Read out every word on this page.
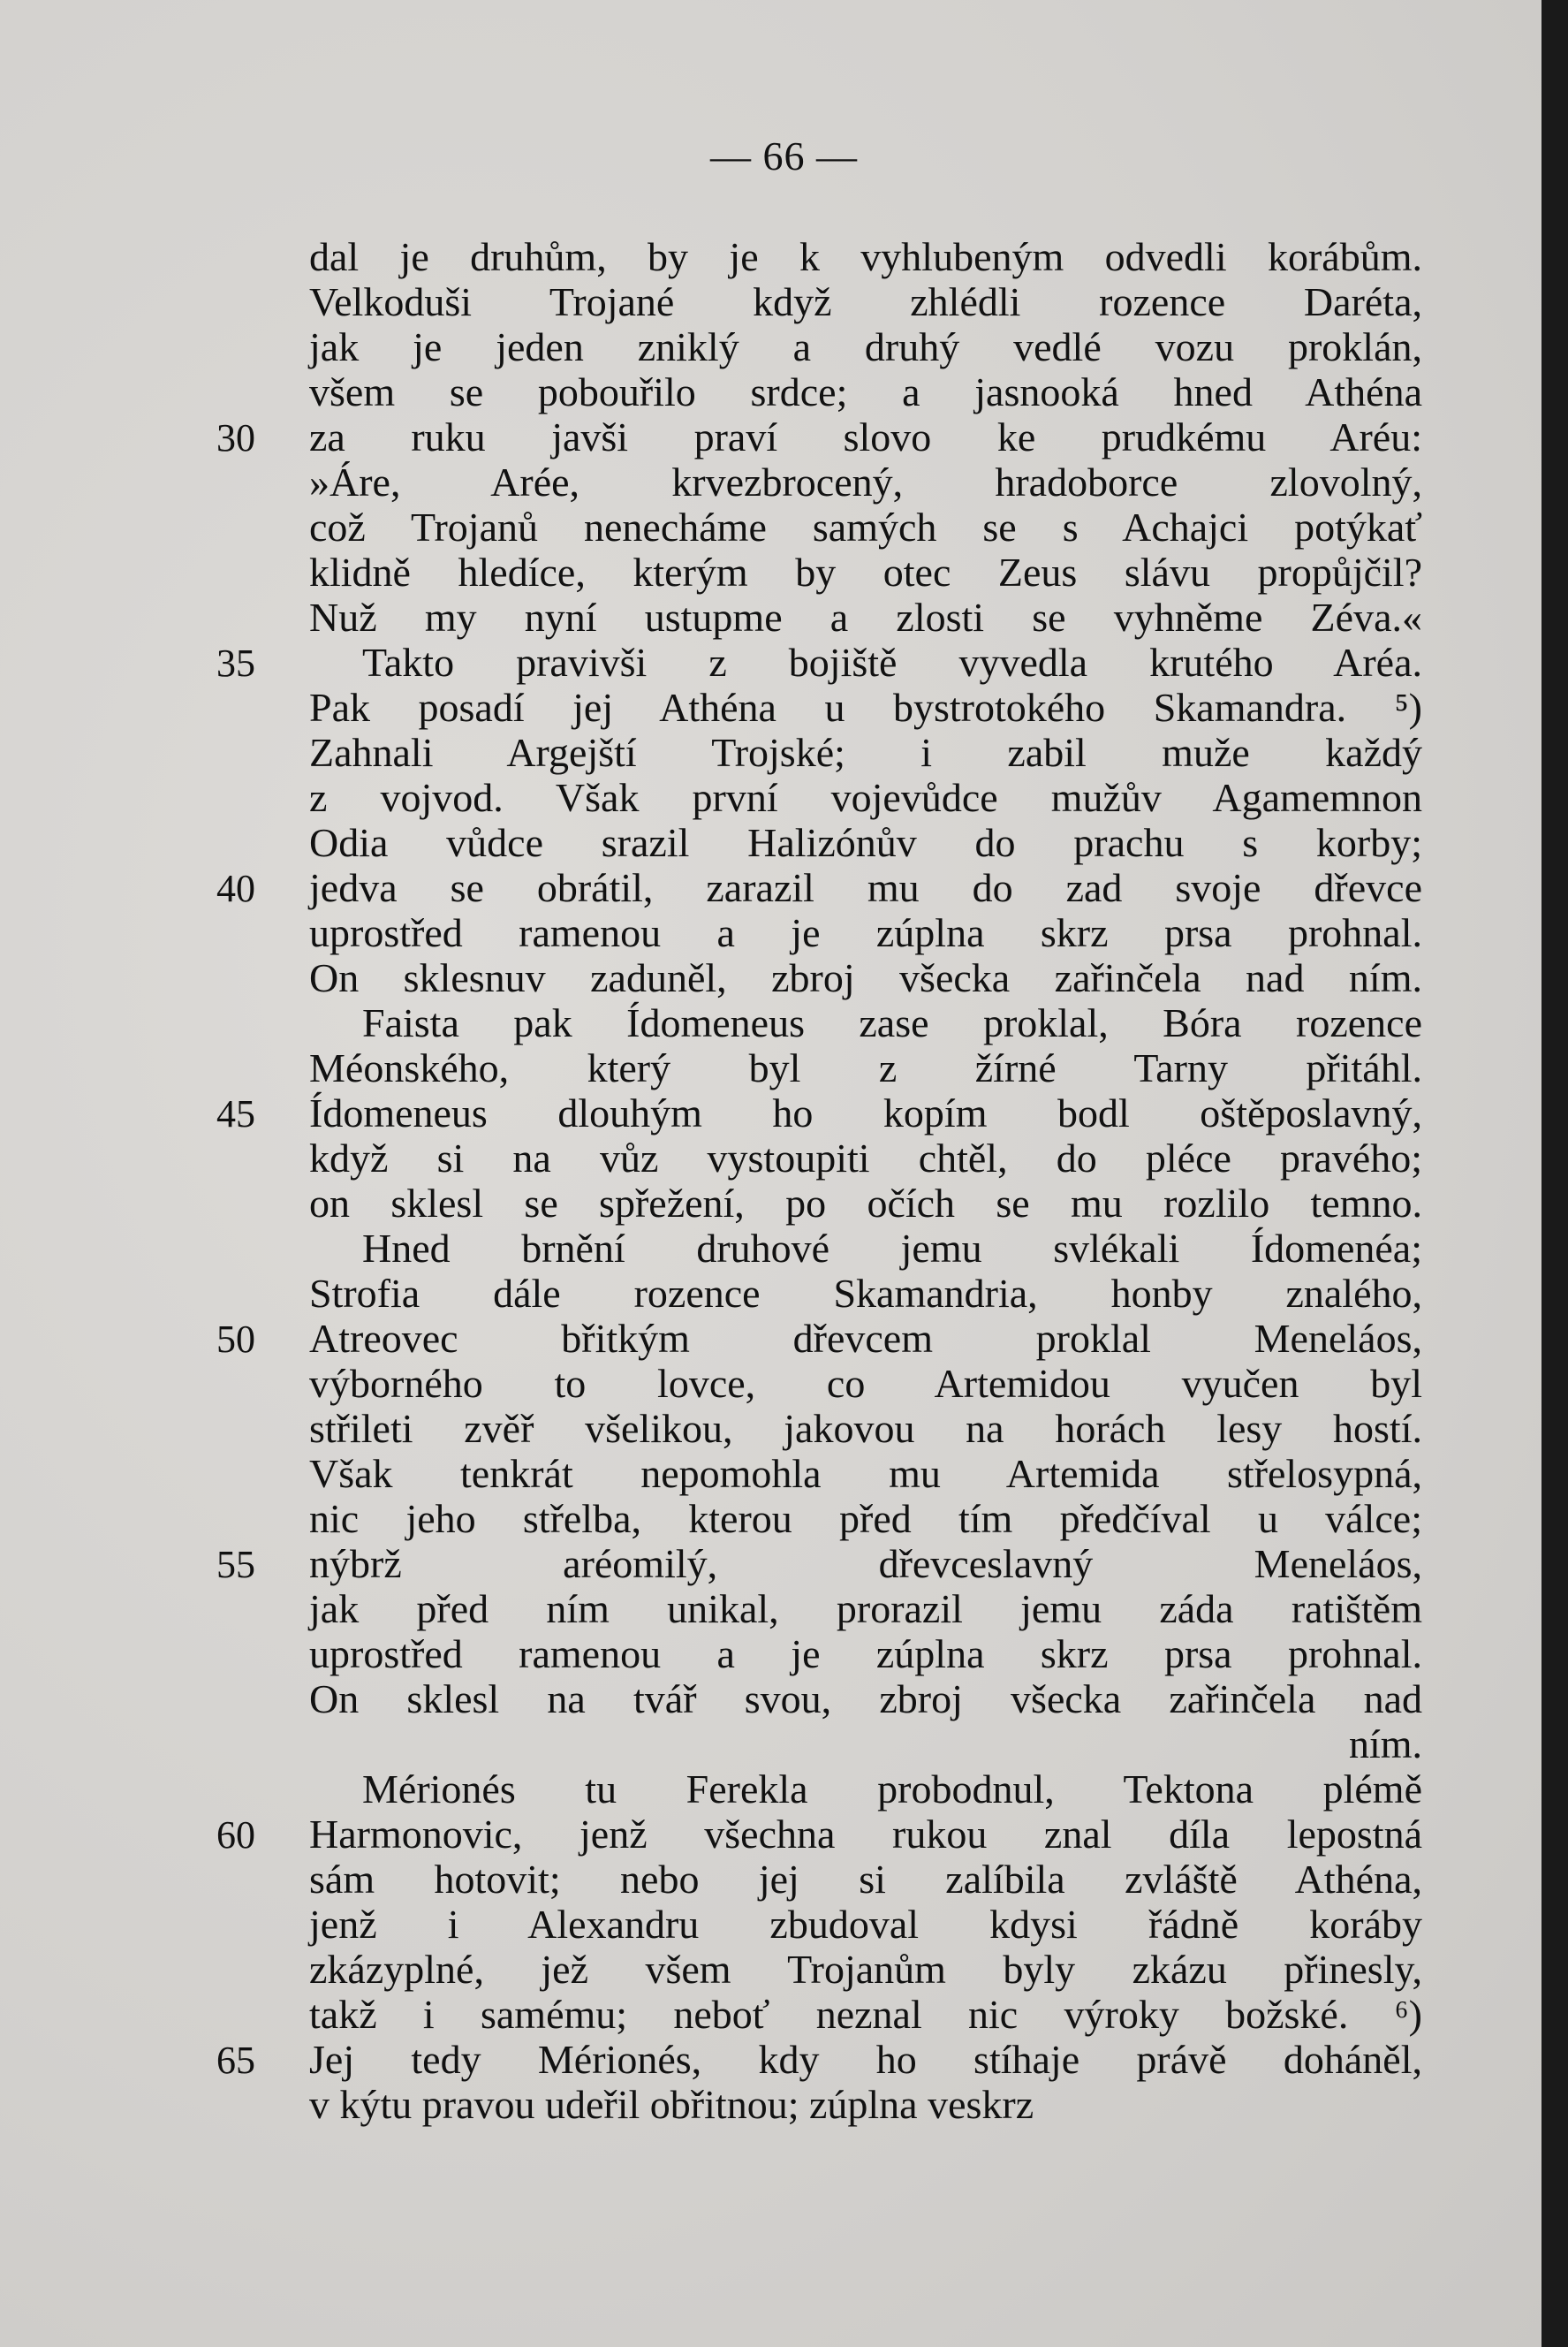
— 66 —
dal je druhům, by je k vyhlubeným odvedli korábům.
Velkoduši Trojané když zhlédli rozence Daréta,
jak je jeden zniklý a druhý vedlé vozu proklán,
všem se pobouřilo srdce; a jasnooká hned Athéna
30	za ruku javši praví slovo ke prudkému Aréu:
»Áre, Arée, krvezbrocený, hradoborce zlovolný,
což Trojanů nenecháme samých se s Achajci potýkať
klidně hledíce, kterým by otec Zeus slávu propůjčil?
Nuž my nyní ustupme a zlosti se vyhněme Zéva.«
35	Takto pravivši z bojiště vyvedla krutého Aréa.
Pak posadí jej Athéna u bystrotokého Skamandra. ⁵)
Zahnali Argejští Trojské; i zabil muže každý
z vojvod. Však první vojevůdce mužův Agamemnon
Odia vůdce srazil Halizónův do prachu s korby;
40	jedva se obrátil, zarazil mu do zad svoje dřevce
uprostřed ramenou a je zúplna skrz prsa prohnal.
On sklesnuv zaduněl, zbroj všecka zařinčela nad ním.
Faista pak Ídomeneus zase proklal, Bóra rozence
Méonského, který byl z žírné Tarny přitáhl.
45	Ídomeneus dlouhým ho kopím bodl oštěposlavný,
když si na vůz vystoupiti chtěl, do pléce pravého;
on sklesl se spřežení, po očích se mu rozlilo temno.
Hned brnění druhové jemu svlékali Ídomenéa;
Strofia dále rozence Skamandria, honby znalého,
50	Atreovec břitkým dřevcem proklal Meneláos,
výborného to lovce, co Artemidou vyučen byl
střileti zvěř všelikou, jakovou na horách lesy hostí.
Však tenkrát nepomohla mu Artemida střelosypná,
nic jeho střelba, kterou před tím předčíval u válce;
55	nýbrž aréomilý, dřevceslavný Meneláos,
jak před ním unikal, prorazil jemu záda ratištěm
uprostřed ramenou a je zúplna skrz prsa prohnal.
On sklesl na tvář svou, zbroj všecka zařinčela nad
ním.
Mérionés tu Ferekla probodnul, Tektona plémě
60	Harmonovic, jenž všechna rukou znal díla lepostná
sám hotovit; nebo jej si zalíbila zvláště Athéna,
jenž i Alexandru zbudoval kdysi řádně koráby
zkázyplné, jež všem Trojanům byly zkázu přinesly,
takž i samému; neboť neznal nic výroky božské. ⁶)
65	Jej tedy Mérionés, kdy ho stíhaje právě doháněl,
v kýtu pravou udeřil obřitnou; zúplna veskrz
